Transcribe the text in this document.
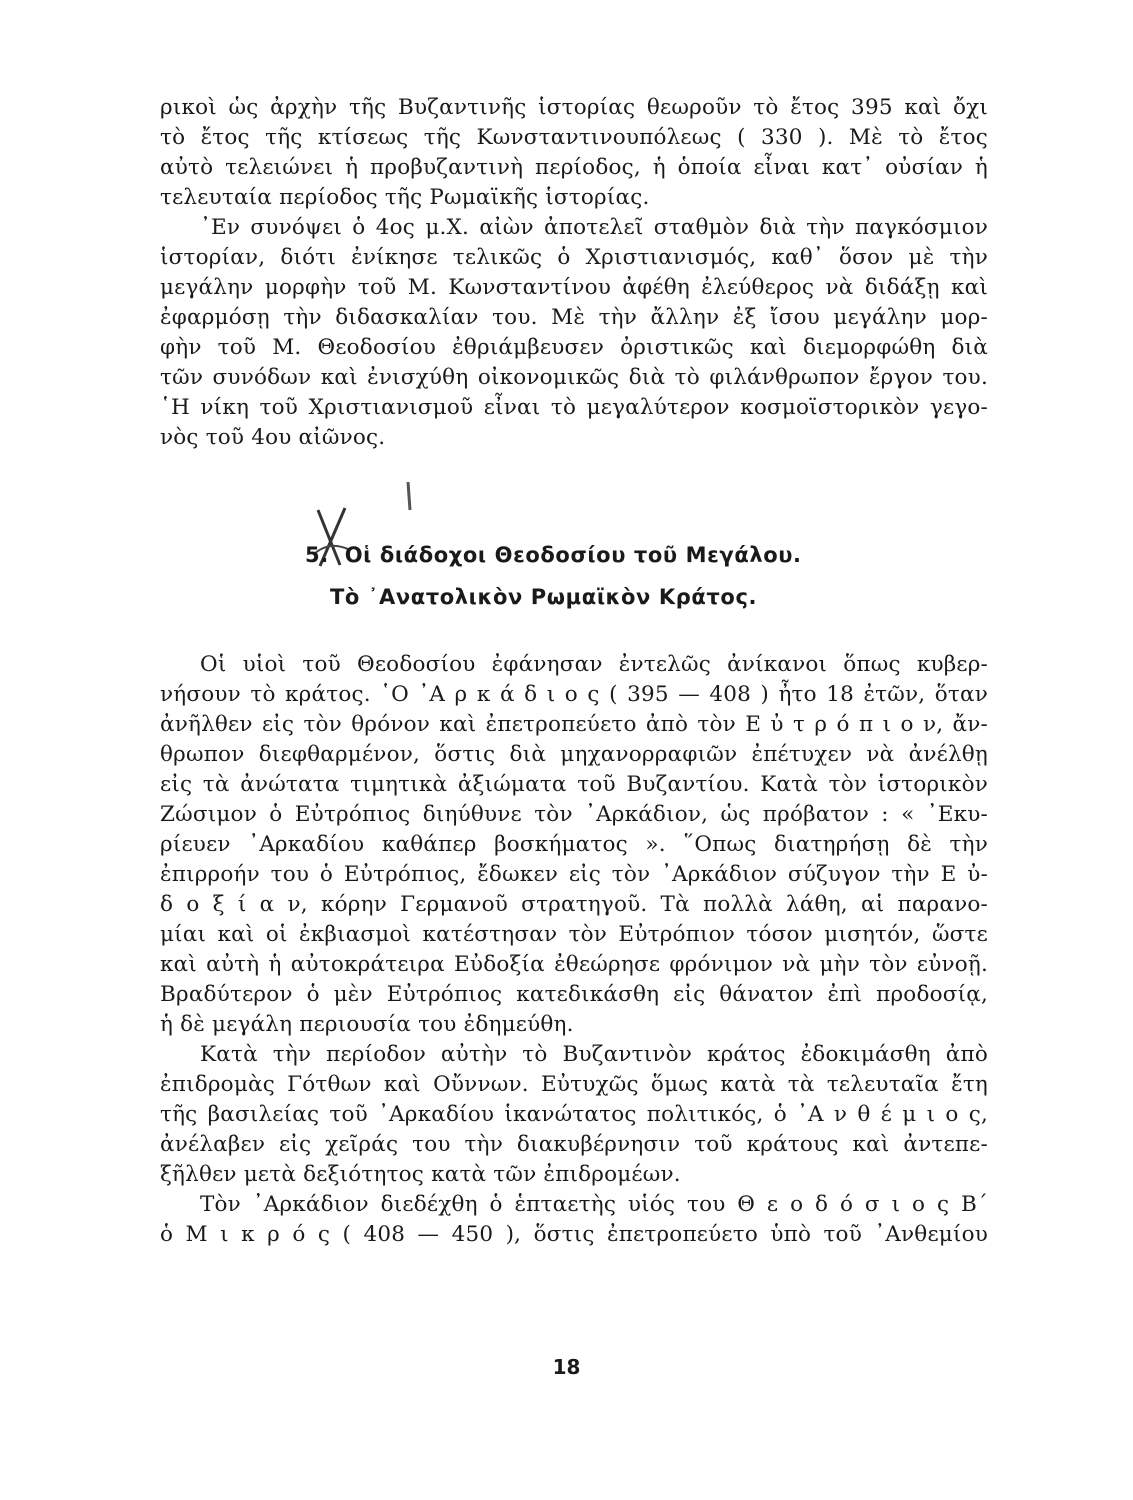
ρικοὶ ὡς ἀρχὴν τῆς Βυζαντινῆς ἱστορίας θεωροῦν τὸ ἔτος 395 καὶ ὄχι
τὸ ἔτος τῆς κτίσεως τῆς Κωνσταντινουπόλεως ( 330 ). Μὲ τὸ ἔτος
αὐτὸ τελειώνει ἡ προβυζαντινὴ περίοδος, ἡ ὁποία εἶναι κατ᾽ οὐσίαν ἡ
τελευταία περίοδος τῆς Ρωμαϊκῆς ἱστορίας.
᾽Εν συνόψει ὁ 4ος μ.Χ. αἰὼν ἀποτελεῖ σταθμὸν διὰ τὴν παγκόσμιον
ἱστορίαν, διότι ἐνίκησε τελικῶς ὁ Χριστιανισμός, καθ᾽ ὅσον μὲ τὴν
μεγάλην μορφὴν τοῦ Μ. Κωνσταντίνου ἀφέθη ἐλεύθερος νὰ διδάξῃ καὶ
ἐφαρμόσῃ τὴν διδασκαλίαν του. Μὲ τὴν ἄλλην ἐξ ἴσου μεγάλην μορ-
φὴν τοῦ Μ. Θεοδοσίου ἐθριάμβευσεν ὀριστικῶς καὶ διεμορφώθη διὰ
τῶν συνόδων καὶ ἐνισχύθη οἰκονομικῶς διὰ τὸ φιλάνθρωπον ἔργον του.
῾Η νίκη τοῦ Χριστιανισμοῦ εἶναι τὸ μεγαλύτερον κοσμοϊστορικὸν γεγο-
νὸς τοῦ 4ου αἰῶνος.
5. Οἱ διάδοχοι Θεοδοσίου τοῦ Μεγάλου.
Τὸ ᾽Ανατολικὸν Ρωμαϊκὸν Κράτος.
Οἱ υἱοὶ τοῦ Θεοδοσίου ἐφάνησαν ἐντελῶς ἀνίκανοι ὅπως κυβερ-
νήσουν τὸ κράτος. ῾Ο ᾽Α ρ κ ά δ ι ο ς ( 395 — 408 ) ἦτο 18 ἐτῶν, ὅταν
ἀνῆλθεν εἰς τὸν θρόνον καὶ ἐπετροπεύετο ἀπὸ τὸν Ε ὐ τ ρ ό π ι ο ν, ἄν-
θρωπον διεφθαρμένον, ὅστις διὰ μηχανορραφιῶν ἐπέτυχεν νὰ ἀνέλθῃ
εἰς τὰ ἀνώτατα τιμητικὰ ἀξιώματα τοῦ Βυζαντίου. Κατὰ τὸν ἱστορικὸν
Ζώσιμον ὁ Εὐτρόπιος διηύθυνε τὸν ᾽Αρκάδιον, ὡς πρόβατον : « ᾽Εκυ-
ρίευεν ᾽Αρκαδίου καθάπερ βοσκήματος ». ῞Οπως διατηρήσῃ δὲ τὴν
ἐπιρροήν του ὁ Εὐτρόπιος, ἔδωκεν εἰς τὸν ᾽Αρκάδιον σύζυγον τὴν Ε ὐ-
δ ο ξ ί α ν, κόρην Γερμανοῦ στρατηγοῦ. Τὰ πολλὰ λάθη, αἱ παρανο-
μίαι καὶ οἱ ἐκβιασμοὶ κατέστησαν τὸν Εὐτρόπιον τόσον μισητόν, ὥστε
καὶ αὐτὴ ἡ αὐτοκράτειρα Εὐδοξία ἐθεώρησε φρόνιμον νὰ μὴν τὸν εὐνοῇ.
Βραδύτερον ὁ μὲν Εὐτρόπιος κατεδικάσθη εἰς θάνατον ἐπὶ προδοσίᾳ,
ἡ δὲ μεγάλη περιουσία του ἐδημεύθη.
Κατὰ τὴν περίοδον αὐτὴν τὸ Βυζαντινὸν κράτος ἐδοκιμάσθη ἀπὸ
ἐπιδρομὰς Γότθων καὶ Οὔννων. Εὐτυχῶς ὅμως κατὰ τὰ τελευταῖα ἔτη
τῆς βασιλείας τοῦ ᾽Αρκαδίου ἱκανώτατος πολιτικός, ὁ ᾽Α ν θ έ μ ι ο ς,
ἀνέλαβεν εἰς χεῖράς του τὴν διακυβέρνησιν τοῦ κράτους καὶ ἀντεπε-
ξῆλθεν μετὰ δεξιότητος κατὰ τῶν ἐπιδρομέων.
Τὸν ᾽Αρκάδιον διεδέχθη ὁ ἑπταετὴς υἱός του Θ ε ο δ ό σ ι ο ς Β´
ὁ Μ ι κ ρ ό ς ( 408 — 450 ), ὅστις ἐπετροπεύετο ὑπὸ τοῦ ᾽Ανθεμίου
18
